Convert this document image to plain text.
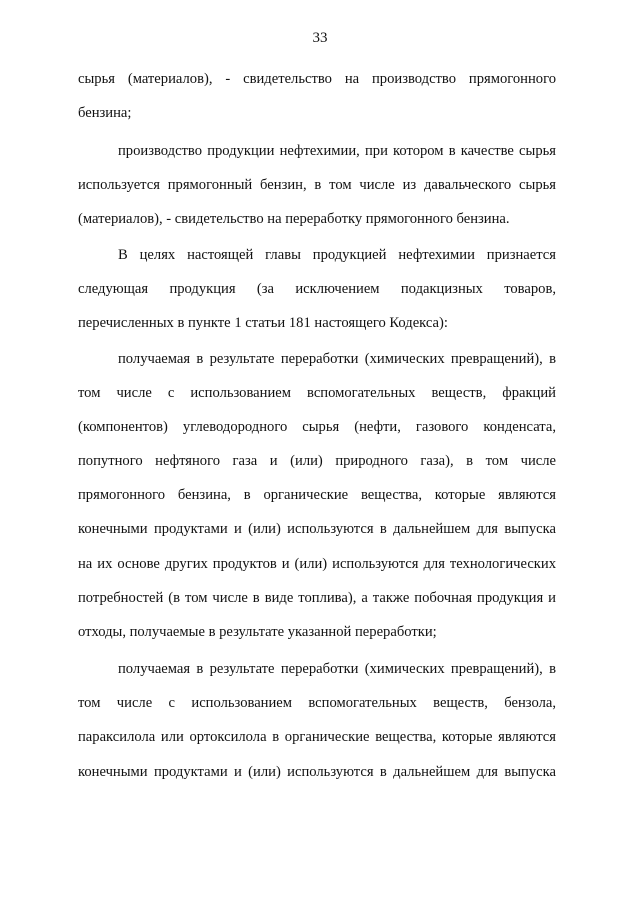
33
сырья (материалов), - свидетельство на производство прямогонного
бензина;
производство продукции нефтехимии, при котором в качестве сырья
используется прямогонный бензин, в том числе из давальческого сырья
(материалов), - свидетельство на переработку прямогонного бензина.
В целях настоящей главы продукцией нефтехимии признается
следующая продукция (за исключением подакцизных товаров,
перечисленных в пункте 1 статьи 181 настоящего Кодекса):
получаемая в результате переработки (химических превращений), в
том числе с использованием вспомогательных веществ, фракций
(компонентов) углеводородного сырья (нефти, газового конденсата,
попутного нефтяного газа и (или) природного газа), в том числе
прямогонного бензина, в органические вещества, которые являются
конечными продуктами и (или) используются в дальнейшем для выпуска
на их основе других продуктов и (или) используются для технологических
потребностей (в том числе в виде топлива), а также побочная продукция и
отходы, получаемые в результате указанной переработки;
получаемая в результате переработки (химических превращений), в
том числе с использованием вспомогательных веществ, бензола,
параксилола или ортоксилола в органические вещества, которые являются
конечными продуктами и (или) используются в дальнейшем для выпуска
